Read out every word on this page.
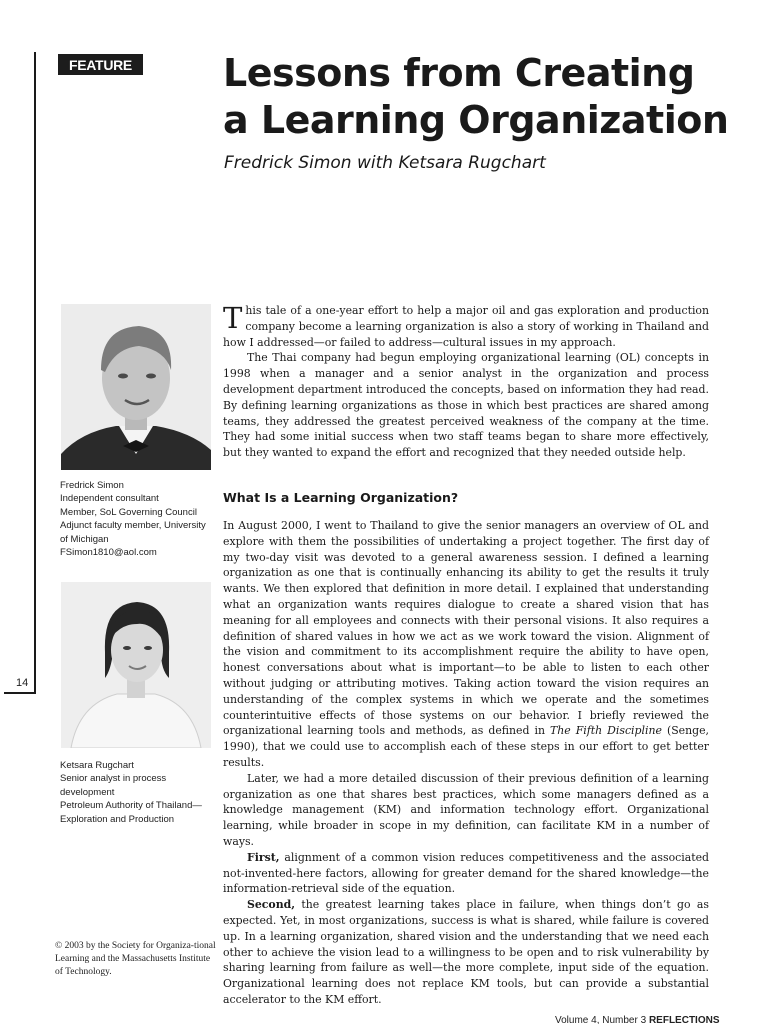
14
FEATURE Lessons from Creating
a Learning Organization
Fredrick Simon with Ketsara Rugchart
Fredrick Simon
Independent consultant
Member, SoL Governing Council
Adjunct faculty member, University
of Michigan
FSimon1810@aol.com
Ketsara Rugchart
Senior analyst in process
development
Petroleum Authority of Thailand—
Exploration and Production
© 2003 by the Society for Organiza-tional Learning and the Massachusetts Institute of Technology.

This tale of a one-year effort to help a major oil and gas exploration and production company become a learning organization is also a story of working in Thailand and how I addressed—or failed to address—cultural issues in my approach.

The Thai company had begun employing organizational learning (OL) concepts in 1998 when a manager and a senior analyst in the organization and process development department introduced the concepts, based on information they had read. By defining learning organizations as those in which best practices are shared among teams, they addressed the greatest perceived weakness of the company at the time. They had some initial success when two staff teams began to share more effectively, but they wanted to expand the effort and recognized that they needed outside help.

What Is a Learning Organization?

In August 2000, I went to Thailand to give the senior managers an overview of OL and explore with them the possibilities of undertaking a project together. The first day of my two-day visit was devoted to a general awareness session. I defined a learning organization as one that is continually enhancing its ability to get the results it truly wants. We then explored that definition in more detail. I explained that understanding what an organization wants requires dialogue to create a shared vision that has meaning for all employees and connects with their personal visions. It also requires a definition of shared values in how we act as we work toward the vision. Alignment of the vision and commitment to its accomplishment require the ability to have open, honest conversations about what is important—to be able to listen to each other without judging or attributing motives. Taking action toward the vision requires an understanding of the complex systems in which we operate and the sometimes counterintuitive effects of those systems on our behavior. I briefly reviewed the organizational learning tools and methods, as defined in The Fifth Discipline (Senge, 1990), that we could use to accomplish each of these steps in our effort to get better results.

Later, we had a more detailed discussion of their previous definition of a learning organization as one that shares best practices, which some managers defined as a knowledge management (KM) and information technology effort. Organizational learning, while broader in scope in my definition, can facilitate KM in a number of ways.

First, alignment of a common vision reduces competitiveness and the associated not-invented-here factors, allowing for greater demand for the shared knowledge—the information-retrieval side of the equation.

Second, the greatest learning takes place in failure, when things don’t go as expected. Yet, in most organizations, success is what is shared, while failure is covered up. In a learning organization, shared vision and the understanding that we need each other to achieve the vision lead to a willingness to be open and to risk vulnerability by sharing learning from failure as well—the more complete, input side of the equation. Organizational learning does not replace KM tools, but can provide a substantial accelerator to the KM effort.

Volume 4, Number 3 REFLECTIONS
